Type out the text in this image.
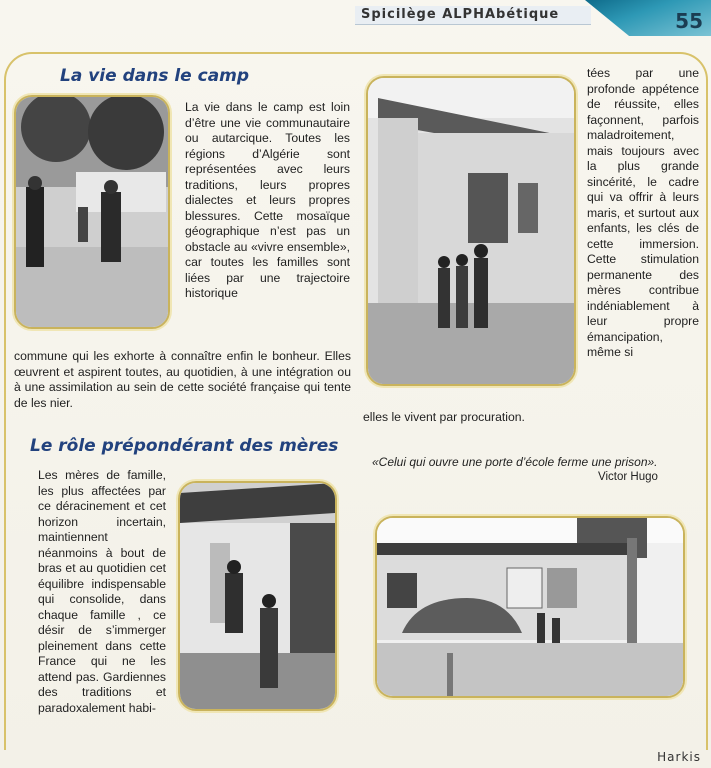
Spicilège ALPHAbétique	55
La vie dans le camp
La vie dans le camp est loin d’être une vie communautaire ou autarcique. Toutes les régions d’Algérie sont représentées avec leurs traditions, leurs propres dialectes et leurs propres blessures. Cette mosaïque géographique n’est pas un obstacle au «vivre ensemble», car toutes les familles sont liées par une trajectoire historique
commune qui les exhorte à connaître enfin le bonheur. Elles œuvrent et aspirent toutes, au quotidien, à une intégration ou à une assimilation au sein de cette société française qui tente de les nier.
tées par une profonde appétence de réussite, elles façonnent, parfois maladroitement, mais toujours avec la plus grande sincérité, le cadre qui va offrir à leurs maris, et surtout aux enfants, les clés de cette immersion. Cette stimulation permanente des mères contribue indéniablement à leur propre émancipation, même si
elles le vivent par procuration.
Le rôle prépondérant des mères
Les mères de famille, les plus affectées par ce déracinement et cet horizon incertain, maintiennent néanmoins à bout de bras et au quotidien cet équilibre indispensable qui consolide, dans chaque famille , ce désir de s’immerger pleinement dans cette France qui ne les attend pas. Gardiennes des traditions et paradoxalement habi-
«Celui qui ouvre une porte d’école ferme une prison».
Victor Hugo
Harkis
